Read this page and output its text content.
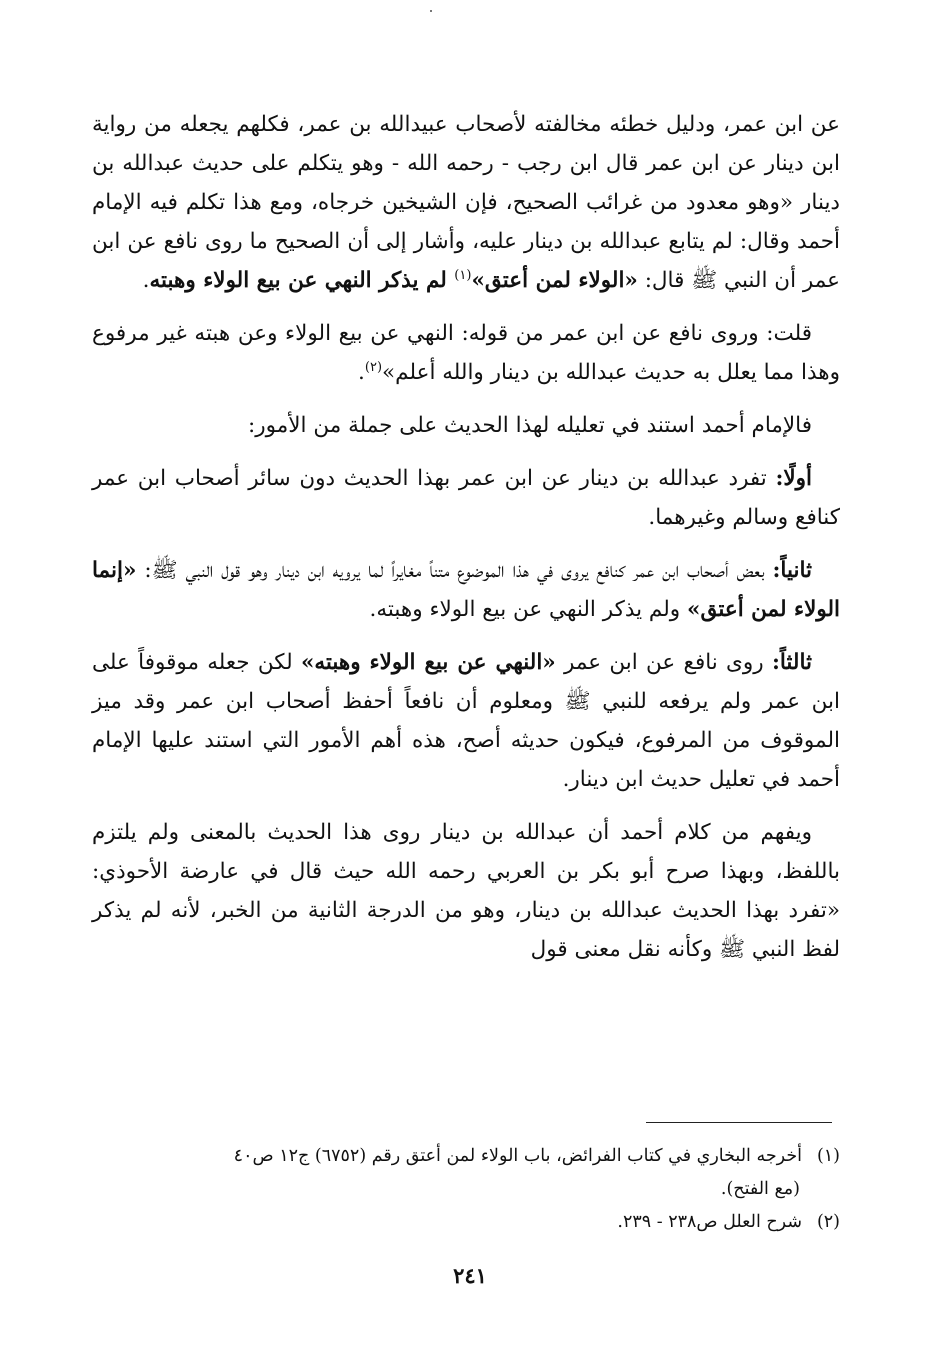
عن ابن عمر، ودليل خطئه مخالفته لأصحاب عبيدالله بن عمر، فكلهم يجعله من رواية ابن دينار عن ابن عمر قال ابن رجب - رحمه الله - وهو يتكلم على حديث عبدالله بن دينار «وهو معدود من غرائب الصحيح، فإن الشيخين خرجاه، ومع هذا تكلم فيه الإمام أحمد وقال: لم يتابع عبدالله بن دينار عليه، وأشار إلى أن الصحيح ما روى نافع عن ابن عمر أن النبي ﷺ قال: «الولاء لمن أعتق»$^{(١)}$ لم يذكر النهي عن بيع الولاء وهبته.

قلت: وروى نافع عن ابن عمر من قوله: النهي عن بيع الولاء وعن هبته غير مرفوع وهذا مما يعلل به حديث عبدالله بن دينار والله أعلم»$^{(٢)}$.

فالإمام أحمد استند في تعليله لهذا الحديث على جملة من الأمور:

أولًا: تفرد عبدالله بن دينار عن ابن عمر بهذا الحديث دون سائر أصحاب ابن عمر كنافع وسالم وغيرهما.

ثانياً: بعض أصحاب ابن عمر كنافع يروى في هذا الموضوع متناً مغايراً لما يرويه ابن دينار وهو قول النبي ﷺ: «إنما الولاء لمن أعتق» ولم يذكر النهي عن بيع الولاء وهبته.

ثالثاً: روى نافع عن ابن عمر «النهي عن بيع الولاء وهبته» لكن جعله موقوفاً على ابن عمر ولم يرفعه للنبي ﷺ ومعلوم أن نافعاً أحفظ أصحاب ابن عمر وقد ميز الموقوف من المرفوع، فيكون حديثه أصح، هذه أهم الأمور التي استند عليها الإمام أحمد في تعليل حديث ابن دينار.

ويفهم من كلام أحمد أن عبدالله بن دينار روى هذا الحديث بالمعنى ولم يلتزم باللفظ، وبهذا صرح أبو بكر بن العربي رحمه الله حيث قال في عارضة الأحوذي: «تفرد بهذا الحديث عبدالله بن دينار، وهو من الدرجة الثانية من الخبر، لأنه لم يذكر لفظ النبي ﷺ وكأنه نقل معنى قول

(١)أخرجه البخاري في كتاب الفرائض، باب الولاء لمن أعتق رقم (٦٧٥٢) ج١٢ ص٤٠

(مع الفتح).

(٢)شرح العلل ص٢٣٨ - ٢٣٩.

٢٤١
